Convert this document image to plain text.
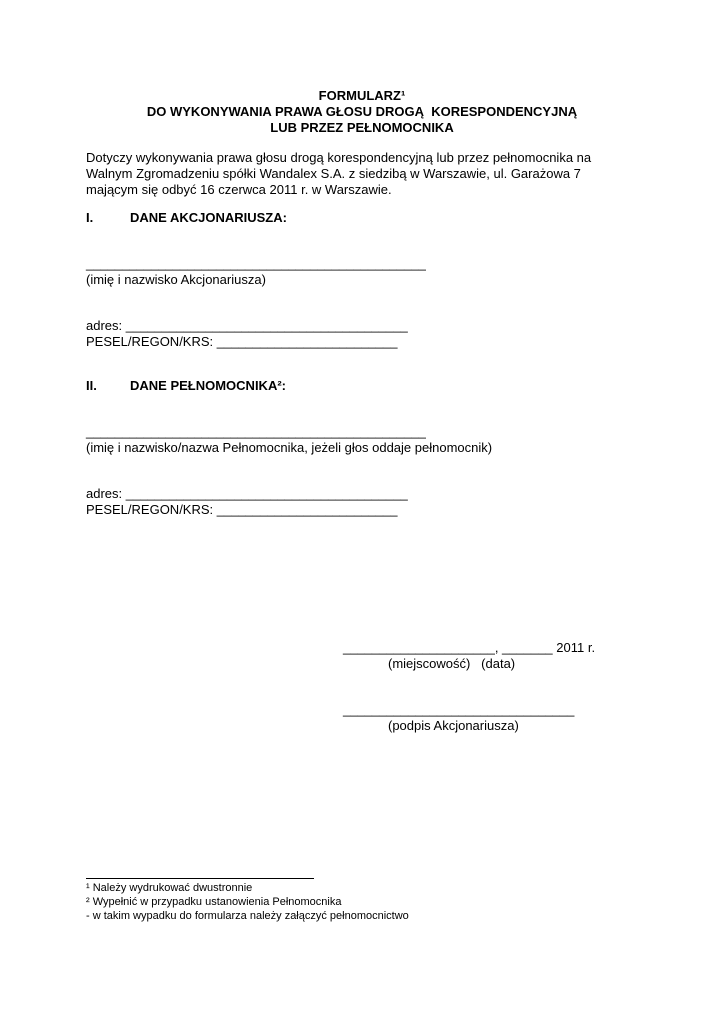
FORMULARZ¹
DO WYKONYWANIA PRAWA GŁOSU DROGĄ  KORESPONDENCYJNĄ
LUB PRZEZ PEŁNOMOCNIKA
Dotyczy wykonywania prawa głosu drogą korespondencyjną lub przez pełnomocnika na
Walnym Zgromadzeniu spółki Wandalex S.A. z siedzibą w Warszawie, ul. Garażowa 7
mającym się odbyć 16 czerwca 2011 r. w Warszawie.
I.	DANE AKCJONARIUSZA:
_______________________________________________
(imię i nazwisko Akcjonariusza)
adres: _______________________________________
PESEL/REGON/KRS: _________________________
II.	DANE PEŁNOMOCNIKA²:
_______________________________________________
(imię i nazwisko/nazwa Pełnomocnika, jeżeli głos oddaje pełnomocnik)
adres: _______________________________________
PESEL/REGON/KRS: _________________________
_____________________, _______ 2011 r.
(miejscowość)   (data)
________________________________
(podpis Akcjonariusza)
¹ Należy wydrukować dwustronnie
² Wypełnić w przypadku ustanowienia Pełnomocnika
- w takim wypadku do formularza należy załączyć pełnomocnictwo
